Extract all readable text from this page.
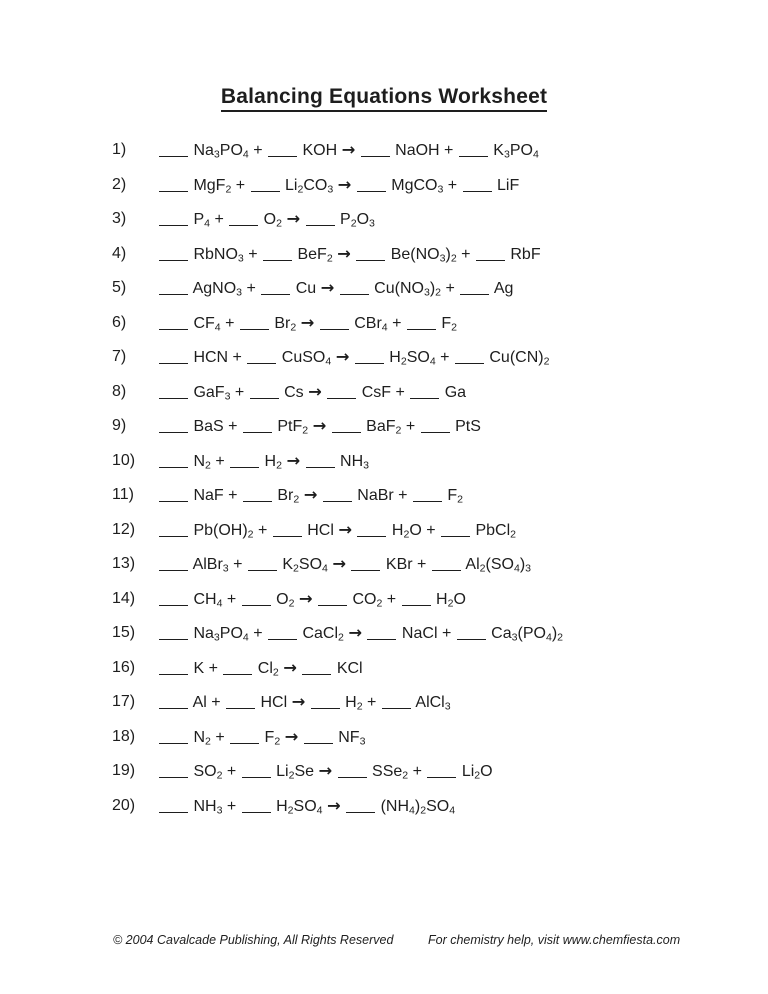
Balancing Equations Worksheet
1)	$Na_3PO_4$ +  KOH →  NaOH +  $K_3PO_4$
2)	$MgF_2 + Li_2CO_3$ →  MgCO$_3$ +  LiF
3)	$P_4 + O_2 \to P_2O_3$
4)	RbNO$_3$ +  $BeF_2 \to Be(NO_3)_2$ +  RbF
5)	AgNO$_3$ +  $Cu \to Cu(NO_3)_2 + Ag$
6)	$CF_4 + Br_2 \to CBr_4 + F_2$
7)	HCN +  CuSO$_4$ →  $H_2SO_4 + Cu(CN)_2$
8)	GaF$_3$ +  Cs →  CsF +  Ga
9)	BaS +  PtF$_2$ →  BaF$_2$ +  PtS
10)	$N_2 + H_2 \to NH_3$
11)	NaF +  $Br_2$ →  NaBr +  $F_2$
12)	$Pb(OH)_2$ +  HCl →  $H_2O$ +  PbCl$_2$
13)	AlBr$_3$ +  $K_2SO_4$ →  KBr +  $Al_2(SO_4)_3$
14)	$CH_4 + O_2 \to CO_2 + H_2O$
15)	$Na_3PO_4$ +  CaCl$_2$ →  NaCl +  $Ca_3(PO_4)_2$
16)	$K + Cl_2$ →  KCl
17)	Al +  HCl →  $H_2$ +  AlCl$_3$
18)	$N_2 + F_2 \to NF_3$
19)	$SO_2 + Li_2Se \to SSe_2 + Li_2O$
20)	$NH_3 + H_2SO_4 \to (NH_4)_2SO_4$
© 2004 Cavalcade Publishing, All Rights Reserved	For chemistry help, visit www.chemfiesta.com
